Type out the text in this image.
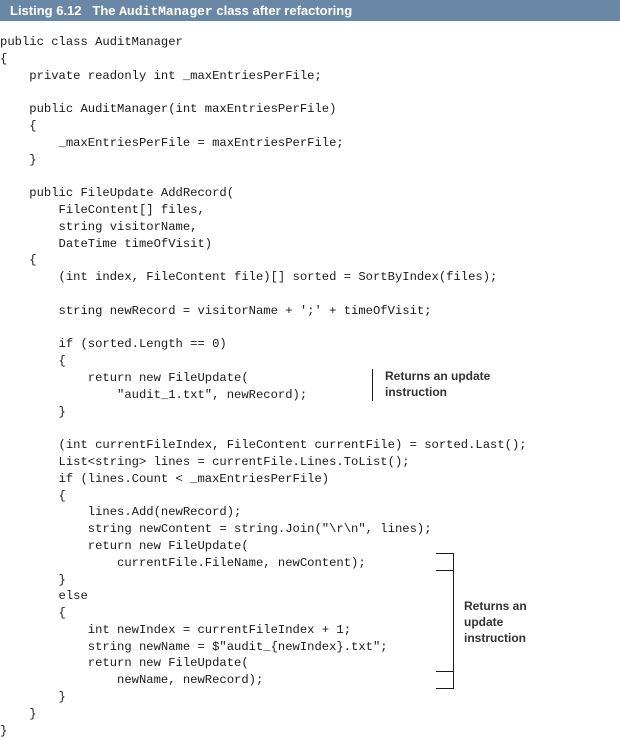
Listing 6.12 The AuditManager class after refactoring
public class AuditManager
{
private readonly int _maxEntriesPerFile;
public AuditManager(int maxEntriesPerFile)
{
_maxEntriesPerFile = maxEntriesPerFile;
}
public FileUpdate AddRecord(
FileContent[] files,
string visitorName,
DateTime timeOfVisit)
{
(int index, FileContent file)[] sorted = SortByIndex(files);
string newRecord = visitorName + ';' + timeOfVisit;
if (sorted.Length == 0)
{
return new FileUpdate(
"audit_1.txt", newRecord);
}
(int currentFileIndex, FileContent currentFile) = sorted.Last();
List<string> lines = currentFile.Lines.ToList();
if (lines.Count < _maxEntriesPerFile)
{
lines.Add(newRecord);
string newContent = string.Join("\r\n", lines);
return new FileUpdate(
currentFile.FileName, newContent);
}
else
{
int newIndex = currentFileIndex + 1;
string newName = $"audit_{newIndex}.txt";
return new FileUpdate(
newName, newRecord);
}
}
}
Returns an update
instruction
Returns an
update
instruction
